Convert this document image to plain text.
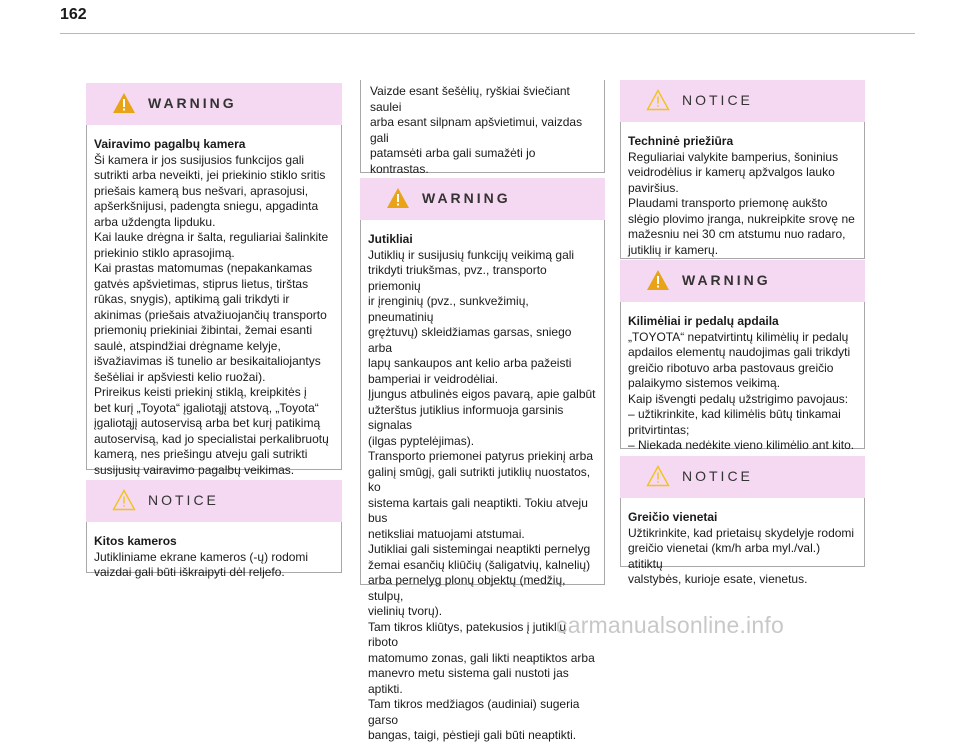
162
WARNING

Vairavimo pagalbų kamera

Ši kamera ir jos susijusios funkcijos gali

sutrikti arba neveikti, jei priekinio stiklo sritis

priešais kamerą bus nešvari, aprasojusi,

apšerkšnijusi, padengta sniegu, apgadinta

arba uždengta lipduku.

Kai lauke drėgna ir šalta, reguliariai šalinkite

priekinio stiklo aprasojimą.

Kai prastas matomumas (nepakankamas

gatvės apšvietimas, stiprus lietus, tirštas

rūkas, snygis), aptikimą gali trikdyti ir

akinimas (priešais atvažiuojančių transporto

priemonių priekiniai žibintai, žemai esanti

saulė, atspindžiai drėgname kelyje,

išvažiavimas iš tunelio ar besikaitaliojantys

šešėliai ir apšviesti kelio ruožai).

Prireikus keisti priekinį stiklą, kreipkitės į

bet kurį „Toyota“ įgaliotąjį atstovą, „Toyota“

įgaliotąjį autoservisą arba bet kurį patikimą

autoservisą, kad jo specialistai perkalibruotų

kamerą, nes priešingu atveju gali sutrikti

susijusių vairavimo pagalbų veikimas.

NOTICE

Kitos kameros

Jutikliniame ekrane kameros (-ų) rodomi

vaizdai gali būti iškraipyti dėl reljefo.

Vaizde esant šešėlių, ryškiai šviečiant saulei

arba esant silpnam apšvietimui, vaizdas gali

patamsėti arba gali sumažėti jo kontrastas.

WARNING

Jutikliai

Jutiklių ir susijusių funkcijų veikimą gali

trikdyti triukšmas, pvz., transporto priemonių

ir įrenginių (pvz., sunkvežimių, pneumatinių

grężtuvų) skleidžiamas garsas, sniego arba

lapų sankaupos ant kelio arba pažeisti

bamperiai ir veidrodėliai.

Įjungus atbulinės eigos pavarą, apie galbūt

užterštus jutiklius informuoja garsinis signalas

(ilgas pyptelėjimas).

Transporto priemonei patyrus priekinį arba

galinį smūgį, gali sutrikti jutiklių nuostatos, ko

sistema kartais gali neaptikti. Tokiu atveju bus

netiksliai matuojami atstumai.

Jutikliai gali sistemingai neaptikti pernelyg

žemai esančių kliūčių (šaligatvių, kalnelių)

arba pernelyg plonų objektų (medžių, stulpų,

vielinių tvorų).

Tam tikros kliūtys, patekusios į jutiklių riboto

matomumo zonas, gali likti neaptiktos arba

manevro metu sistema gali nustoti jas aptikti.

Tam tikros medžiagos (audiniai) sugeria garso

bangas, taigi, pėstieji gali būti neaptikti.

NOTICE

Techninė priežiūra

Reguliariai valykite bamperius, šoninius

veidrodėlius ir kamerų apžvalgos lauko

paviršius.

Plaudami transporto priemonę aukšto

slėgio plovimo įranga, nukreipkite srovę ne

mažesniu nei 30 cm atstumu nuo radaro,

jutiklių ir kamerų.

WARNING

Kilimėliai ir pedalų apdaila

„TOYOTA“ nepatvirtintų kilimėlių ir pedalų

apdailos elementų naudojimas gali trikdyti

greičio ribotuvo arba pastovaus greičio

palaikymo sistemos veikimą.

Kaip išvengti pedalų užstrigimo pavojaus:

– užtikrinkite, kad kilimėlis būtų tinkamai

pritvirtintas;

– Niekada nedėkite vieno kilimėlio ant kito.

NOTICE

Greičio vienetai

Užtikrinkite, kad prietaisų skydelyje rodomi

greičio vienetai (km/h arba myl./val.) atitiktų

valstybės, kurioje esate, vienetus.

carmanualsonline.info
